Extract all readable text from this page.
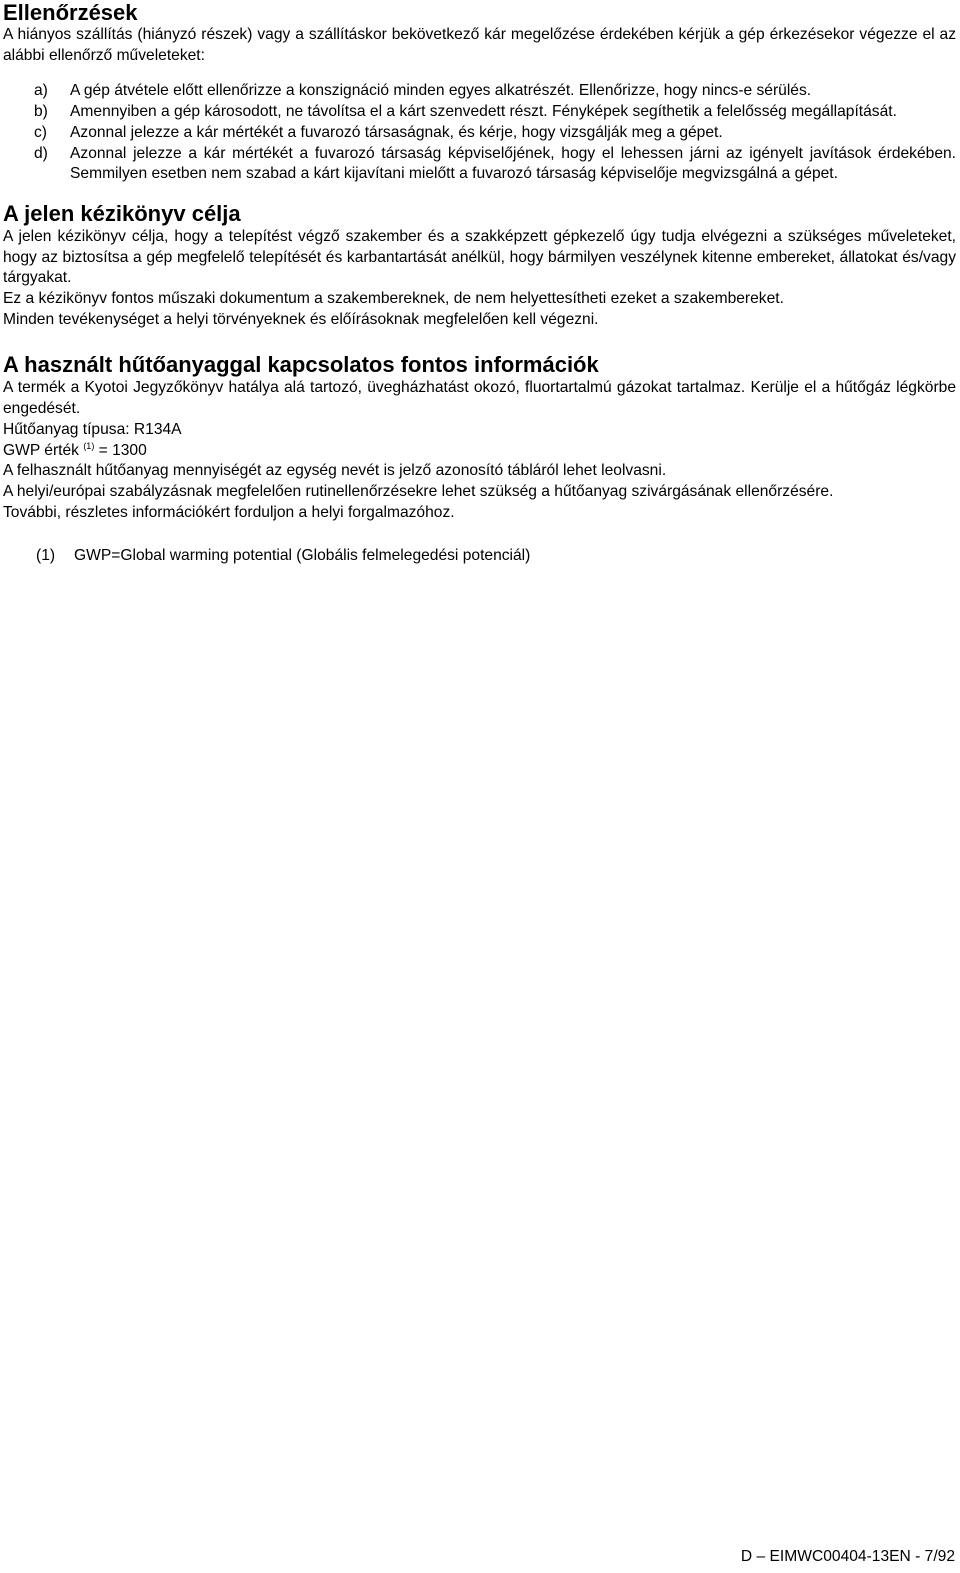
Ellenőrzések

A hiányos szállítás (hiányzó részek) vagy a szállításkor bekövetkező kár megelőzése érdekében kérjük a gép érkezésekor végezze el az alábbi ellenőrző műveleteket:

a) A gép átvétele előtt ellenőrizze a konszignáció minden egyes alkatrészét. Ellenőrizze, hogy nincs-e sérülés.
b) Amennyiben a gép károsodott, ne távolítsa el a kárt szenvedett részt. Fényképek segíthetik a felelősség megállapítását.
c) Azonnal jelezze a kár mértékét a fuvarozó társaságnak, és kérje, hogy vizsgálják meg a gépet.
d) Azonnal jelezze a kár mértékét a fuvarozó társaság képviselőjének, hogy el lehessen járni az igényelt javítások érdekében. Semmilyen esetben nem szabad a kárt kijavítani mielőtt a fuvarozó társaság képviselője megvizsgálná a gépet.
A jelen kézikönyv célja

A jelen kézikönyv célja, hogy a telepítést végző szakember és a szakképzett gépkezelő úgy tudja elvégezni a szükséges műveleteket, hogy az biztosítsa a gép megfelelő telepítését és karbantartását anélkül, hogy bármilyen veszélynek kitenne embereket, állatokat és/vagy tárgyakat.

Ez a kézikönyv fontos műszaki dokumentum a szakembereknek, de nem helyettesítheti ezeket a szakembereket.

Minden tevékenységet a helyi törvényeknek és előírásoknak megfelelően kell végezni.

A használt hűtőanyaggal kapcsolatos fontos információk

A termék a Kyotoi Jegyzőkönyv hatálya alá tartozó, üvegházhatást okozó, fluortartalmú gázokat tartalmaz. Kerülje el a hűtőgáz légkörbe engedését.

Hűtőanyag típusa: R134A

GWP érték $^{(1)}$ = 1300

A felhasznált hűtőanyag mennyiségét az egység nevét is jelző azonosító tábláról lehet leolvasni.

A helyi/európai szabályzásnak megfelelően rutinellenőrzésekre lehet szükség a hűtőanyag szivárgásának ellenőrzésére.

További, részletes információkért forduljon a helyi forgalmazóhoz.

(1) GWP=Global warming potential (Globális felmelegedési potenciál)
D – EIMWC00404-13EN - 7/92
